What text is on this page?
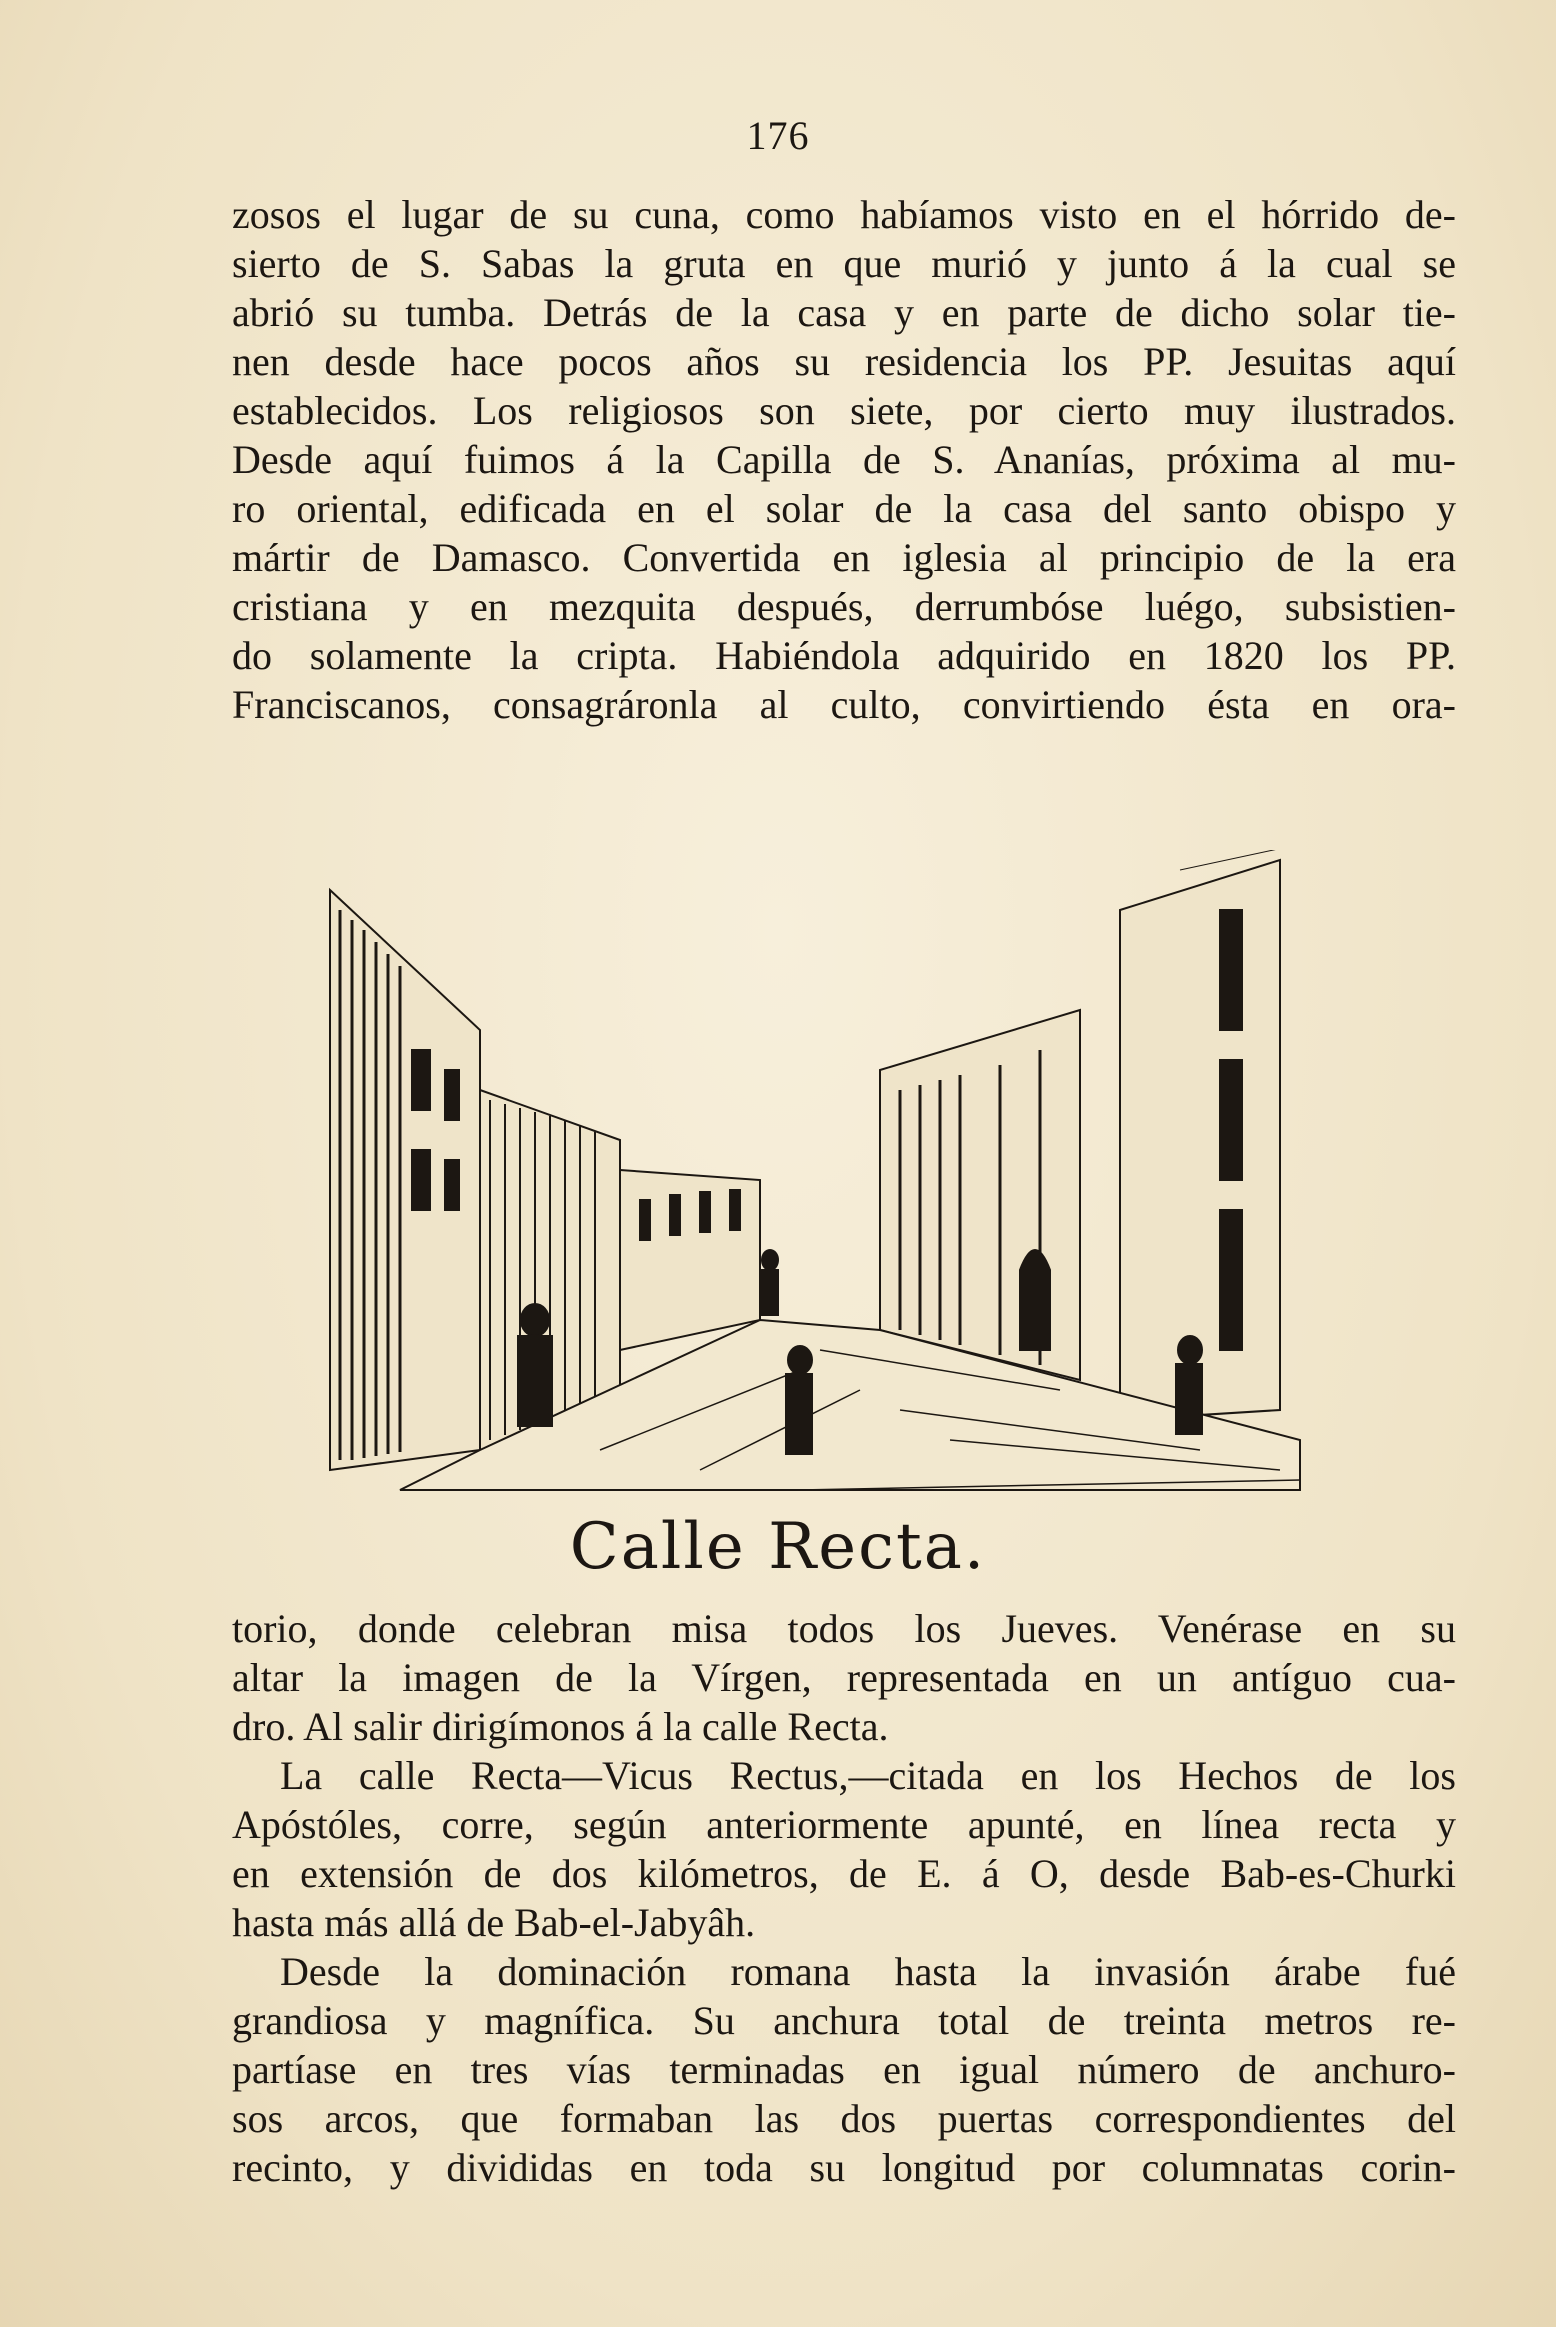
176

zosos el lugar de su cuna, como habíamos visto en el hórrido de-

sierto de S. Sabas la gruta en que murió y junto á la cual se

abrió su tumba. Detrás de la casa y en parte de dicho solar tie-

nen desde hace pocos años su residencia los PP. Jesuitas aquí

establecidos. Los religiosos son siete, por cierto muy ilustrados.

Desde aquí fuimos á la Capilla de S. Ananías, próxima al mu-

ro oriental, edificada en el solar de la casa del santo obispo y

mártir de Damasco. Convertida en iglesia al principio de la era

cristiana y en mezquita después, derrumbóse luégo, subsistien-

do solamente la cripta. Habiéndola adquirido en 1820 los PP.

Franciscanos, consagráronla al culto, convirtiendo ésta en ora-

Calle Recta.

torio, donde celebran misa todos los Jueves. Venérase en su

altar la imagen de la Vírgen, representada en un antíguo cua-

dro. Al salir dirigímonos á la calle Recta.

La calle Recta—Vicus Rectus,—citada en los Hechos de los

Apóstóles, corre, según anteriormente apunté, en línea recta y

en extensión de dos kilómetros, de E. á O, desde Bab-es-Churki

hasta más allá de Bab-el-Jabyâh.

Desde la dominación romana hasta la invasión árabe fué

grandiosa y magnífica. Su anchura total de treinta metros re-

partíase en tres vías terminadas en igual número de anchuro-

sos arcos, que formaban las dos puertas correspondientes del

recinto, y divididas en toda su longitud por columnatas corin-
